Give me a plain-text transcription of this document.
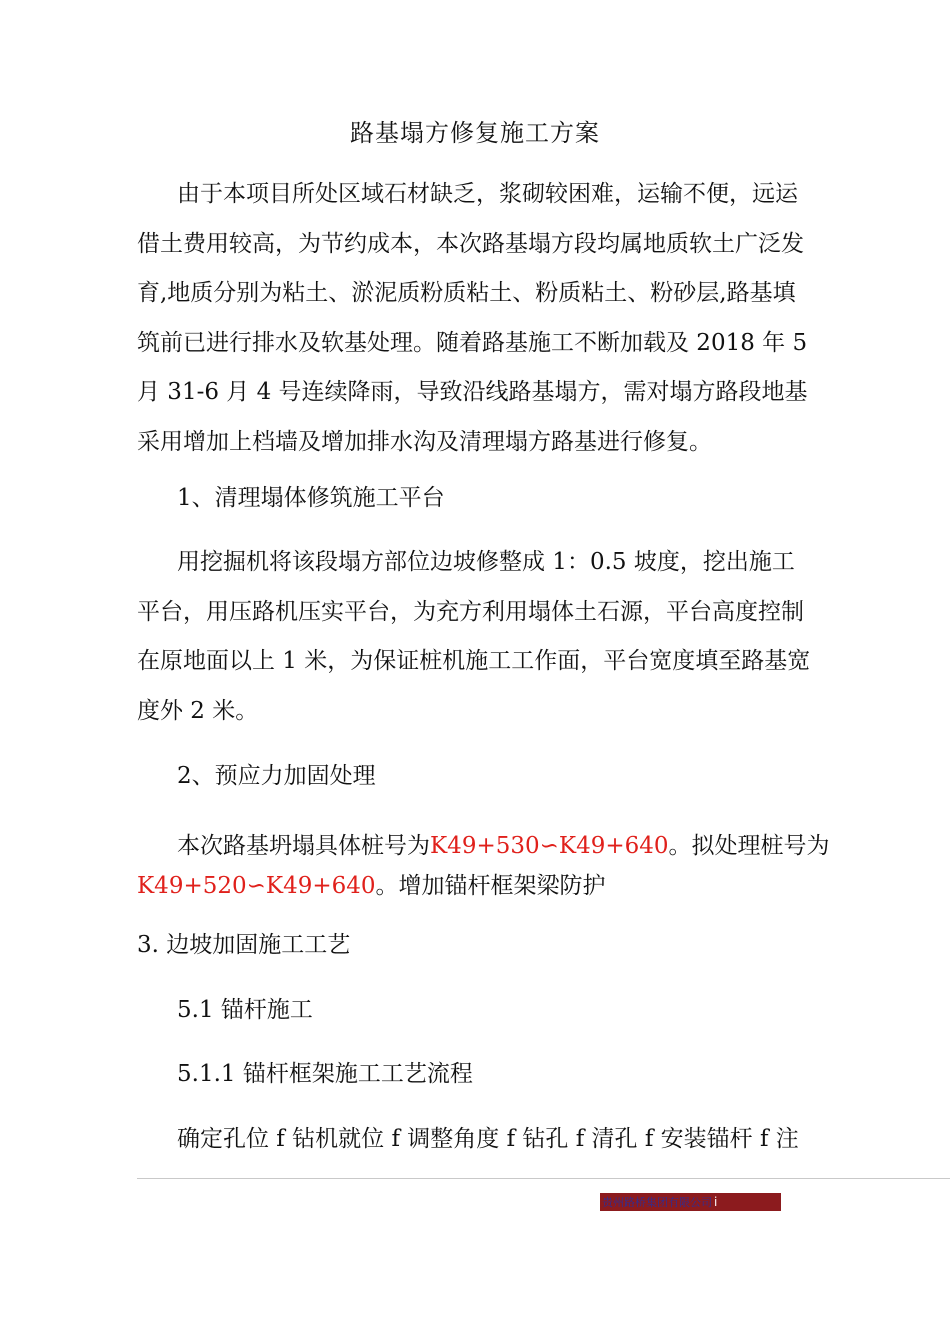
路基塌方修复施工方案
由于本项目所处区域石材缺乏，浆砌较困难，运输不便，远运
借土费用较高，为节约成本，本次路基塌方段均属地质软土广泛发
育,地质分别为粘土、淤泥质粉质粘土、粉质粘土、粉砂层,路基填
筑前已进行排水及软基处理。随着路基施工不断加载及 2018 年 5
月 31-6 月 4 号连续降雨，导致沿线路基塌方，需对塌方路段地基
采用增加上档墙及增加排水沟及清理塌方路基进行修复。
1、清理塌体修筑施工平台
用挖掘机将该段塌方部位边坡修整成 1：0.5 坡度，挖出施工
平台，用压路机压实平台，为充方利用塌体土石源，平台高度控制
在原地面以上 1 米，为保证桩机施工工作面，平台宽度填至路基宽
度外 2 米。
2、预应力加固处理
本次路基坍塌具体桩号为K49+530∽K49+640。拟处理桩号为
K49+520∽K49+640。增加锚杆框架梁防护
3. 边坡加固施工工艺
5.1 锚杆施工
5.1.1 锚杆框架施工工艺流程
确定孔位 f 钻机就位 f 调整角度 f 钻孔 f 清孔 f 安装锚杆 f 注
贵州路桥集团有限公司 i
